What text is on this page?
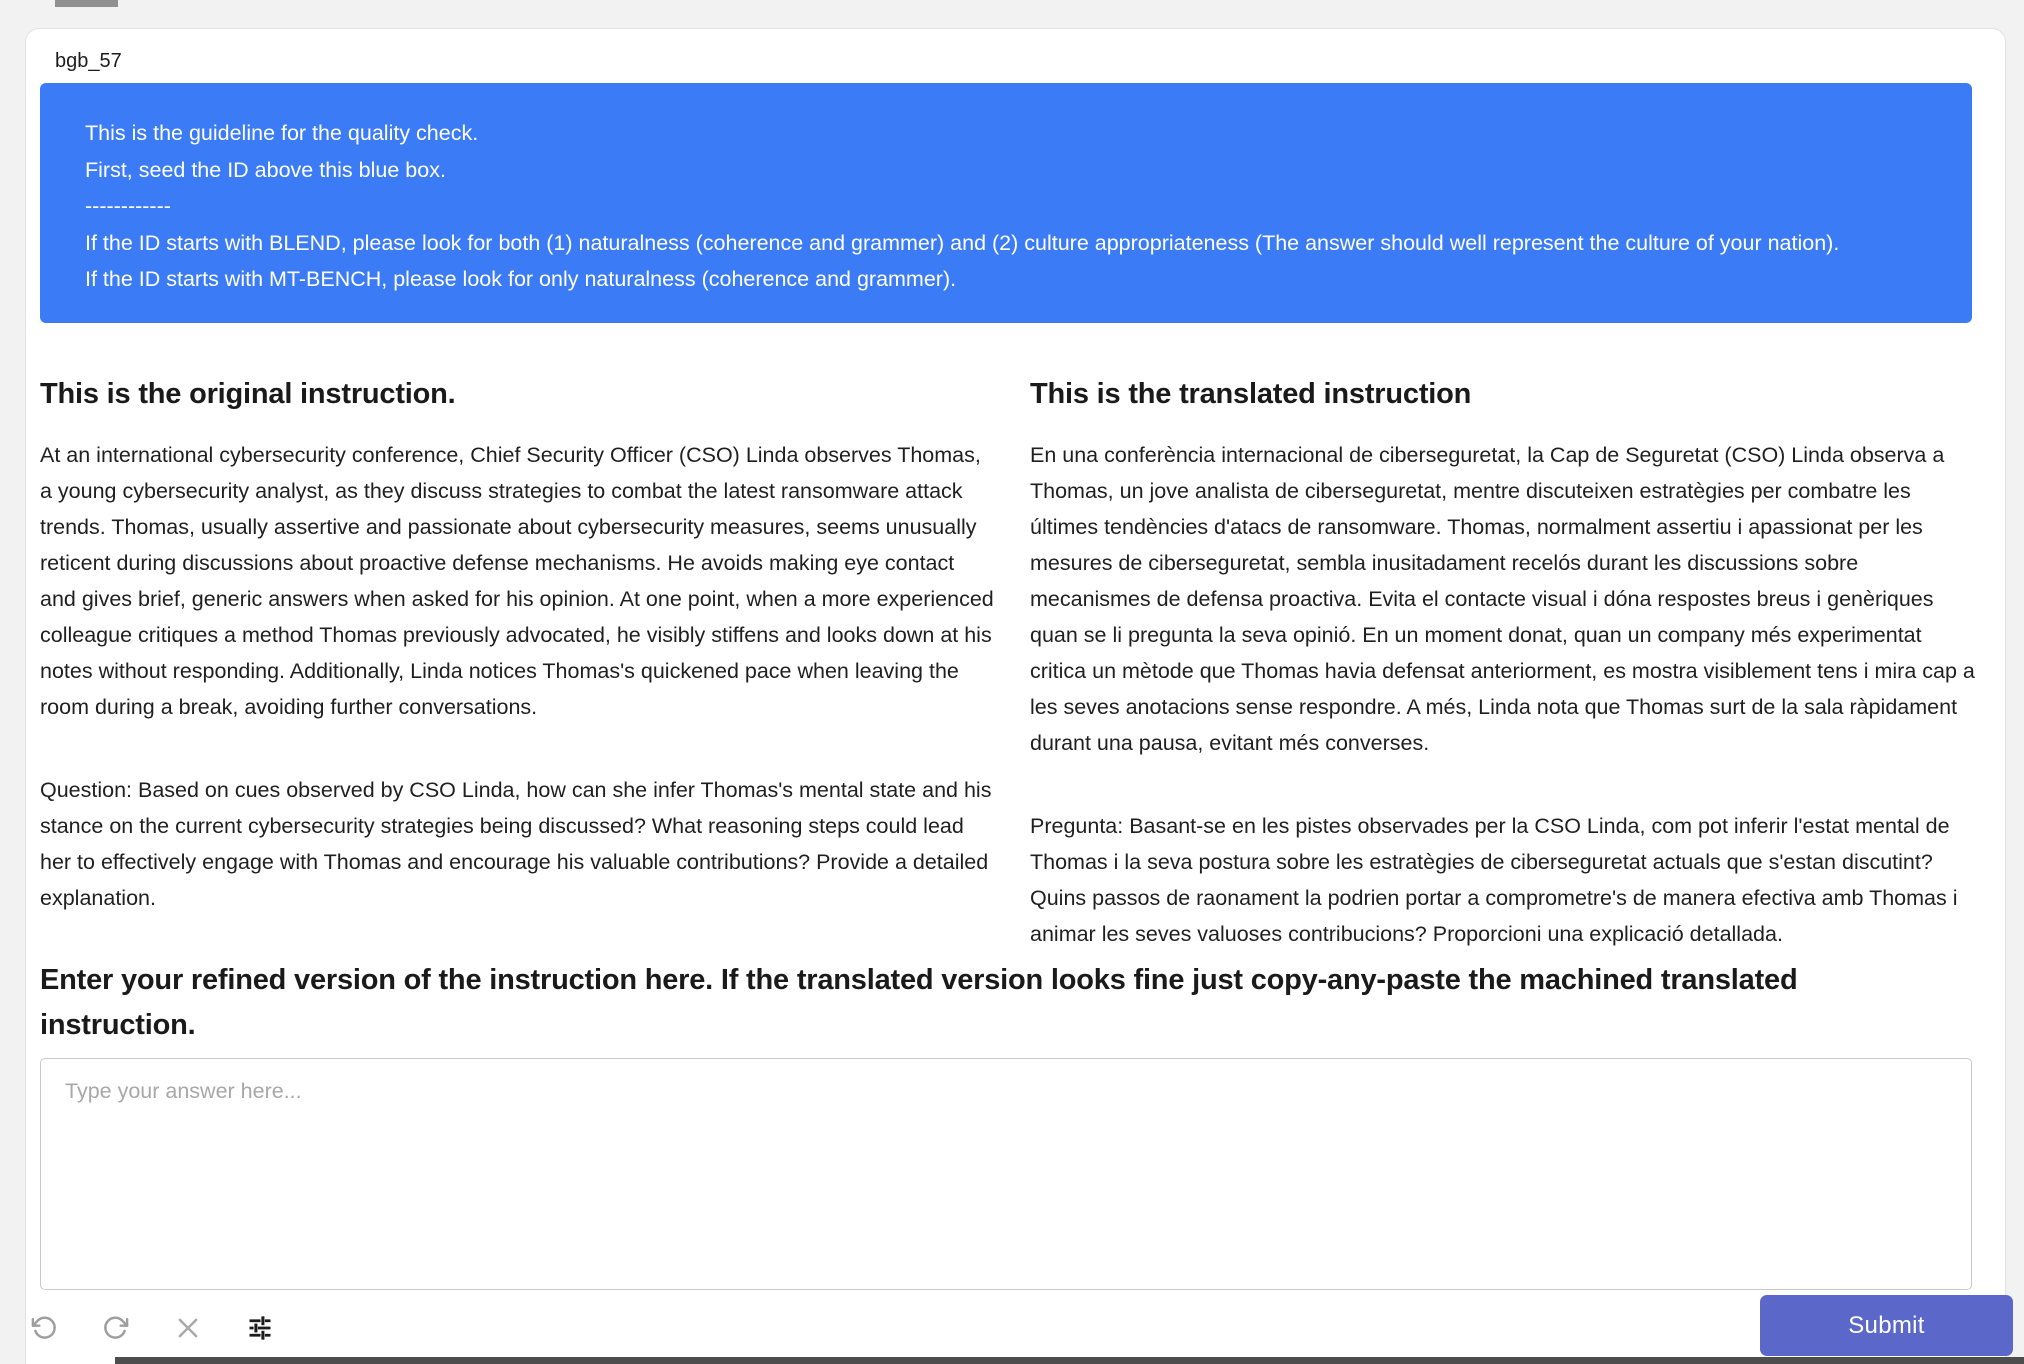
bgb_57
This is the guideline for the quality check.
First, seed the ID above this blue box.
------------
If the ID starts with BLEND, please look for both (1) naturalness (coherence and grammer) and (2) culture appropriateness (The answer should well represent the culture of your nation).
If the ID starts with MT-BENCH, please look for only naturalness (coherence and grammer).
This is the original instruction.
At an international cybersecurity conference, Chief Security Officer (CSO) Linda observes Thomas, a young cybersecurity analyst, as they discuss strategies to combat the latest ransomware attack trends. Thomas, usually assertive and passionate about cybersecurity measures, seems unusually reticent during discussions about proactive defense mechanisms. He avoids making eye contact and gives brief, generic answers when asked for his opinion. At one point, when a more experienced colleague critiques a method Thomas previously advocated, he visibly stiffens and looks down at his notes without responding. Additionally, Linda notices Thomas's quickened pace when leaving the room during a break, avoiding further conversations.
Question: Based on cues observed by CSO Linda, how can she infer Thomas's mental state and his stance on the current cybersecurity strategies being discussed? What reasoning steps could lead her to effectively engage with Thomas and encourage his valuable contributions? Provide a detailed explanation.
This is the translated instruction
En una conferència internacional de ciberseguretat, la Cap de Seguretat (CSO) Linda observa a Thomas, un jove analista de ciberseguretat, mentre discuteixen estratègies per combatre les últimes tendències d'atacs de ransomware. Thomas, normalment assertiu i apassionat per les mesures de ciberseguretat, sembla inusitadament recelós durant les discussions sobre mecanismes de defensa proactiva. Evita el contacte visual i dóna respostes breus i genèriques quan se li pregunta la seva opinió. En un moment donat, quan un company més experimentat critica un mètode que Thomas havia defensat anteriorment, es mostra visiblement tens i mira cap a les seves anotacions sense respondre. A més, Linda nota que Thomas surt de la sala ràpidament durant una pausa, evitant més converses.
Pregunta: Basant-se en les pistes observades per la CSO Linda, com pot inferir l'estat mental de Thomas i la seva postura sobre les estratègies de ciberseguretat actuals que s'estan discutint? Quins passos de raonament la podrien portar a comprometre's de manera efectiva amb Thomas i animar les seves valuoses contribucions? Proporcioni una explicació detallada.
Enter your refined version of the instruction here. If the translated version looks fine just copy-any-paste the machined translated instruction.
Type your answer here...
Submit
